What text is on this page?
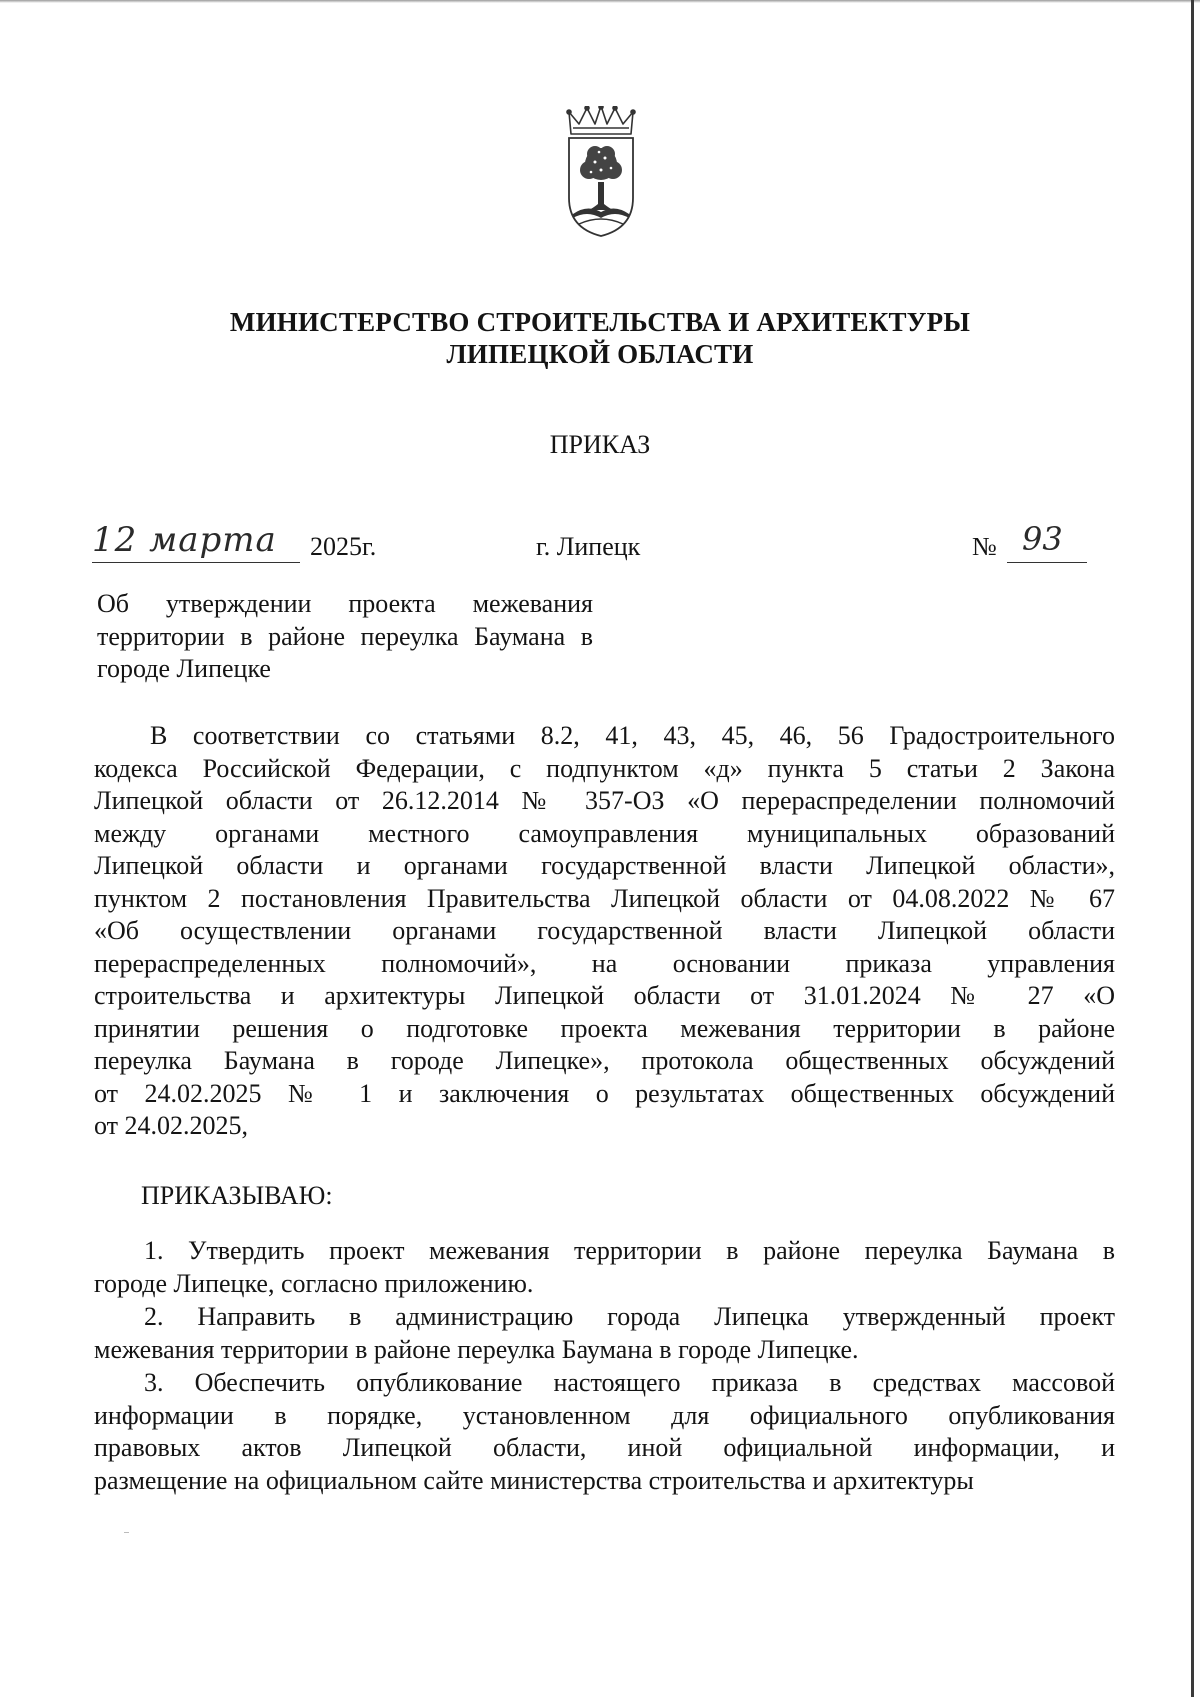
МИНИСТЕРСТВО СТРОИТЕЛЬСТВА И АРХИТЕКТУРЫ
ЛИПЕЦКОЙ ОБЛАСТИ
ПРИКАЗ
12 марта 2025г.	г. Липецк	№ 93
Об утверждении проекта межевания
территории в районе переулка Баумана в
городе Липецке
В соответствии со статьями 8.2, 41, 43, 45, 46, 56 Градостроительного
кодекса Российской Федерации, с подпунктом «д» пункта 5 статьи 2 Закона
Липецкой области от 26.12.2014 № 357-ОЗ «О перераспределении полномочий
между органами местного самоуправления муниципальных образований
Липецкой области и органами государственной власти Липецкой области»,
пунктом 2 постановления Правительства Липецкой области от 04.08.2022 № 67
«Об осуществлении органами государственной власти Липецкой области
перераспределенных полномочий», на основании приказа управления
строительства и архитектуры Липецкой области от 31.01.2024 № 27 «О
принятии решения о подготовке проекта межевания территории в районе
переулка Баумана в городе Липецке», протокола общественных обсуждений
от 24.02.2025 № 1 и заключения о результатах общественных обсуждений
от 24.02.2025,
ПРИКАЗЫВАЮ:
1. Утвердить проект межевания территории в районе переулка Баумана в
городе Липецке, согласно приложению.
2. Направить в администрацию города Липецка утвержденный проект
межевания территории в районе переулка Баумана в городе Липецке.
3. Обеспечить опубликование настоящего приказа в средствах массовой
информации в порядке, установленном для официального опубликования
правовых актов Липецкой области, иной официальной информации, и
размещение на официальном сайте министерства строительства и архитектуры
